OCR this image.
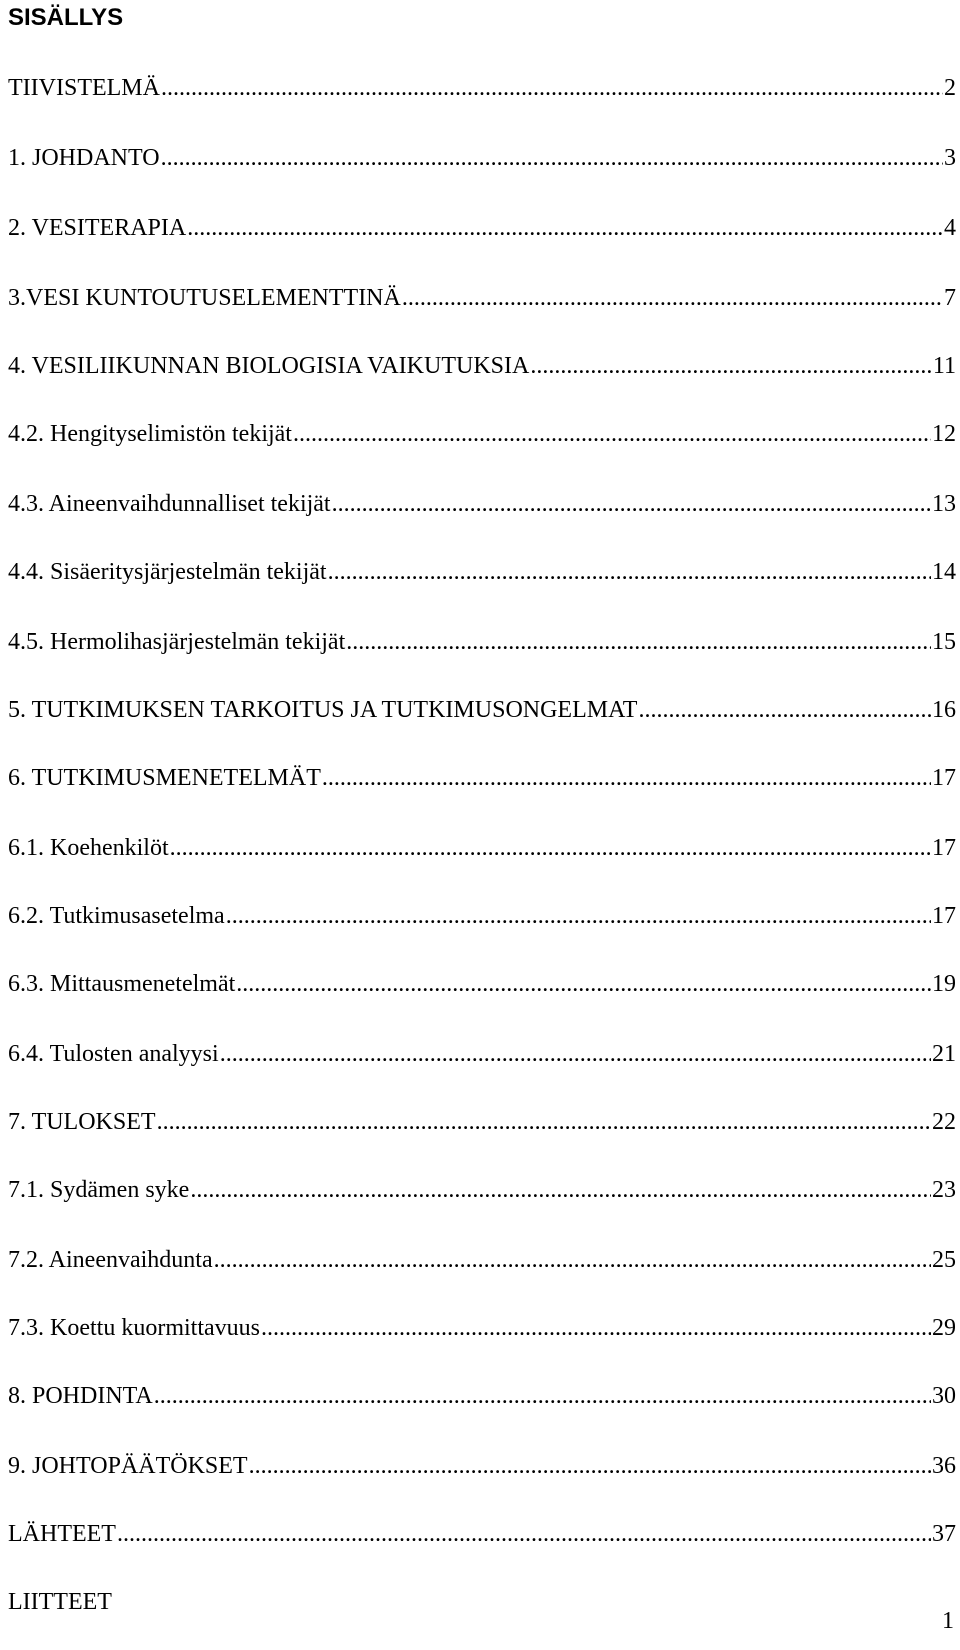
SISÄLLYS
TIIVISTELMÄ .....	2
1. JOHDANTO .....	3
2. VESITERAPIA .....	4
3.VESI KUNTOUTUSELEMENTTINÄ .....	7
4. VESILIIKUNNAN BIOLOGISIA VAIKUTUKSIA .....	11
4.2. Hengityselimistön tekijät .....	12
4.3. Aineenvaihdunnalliset tekijät .....	13
4.4. Sisäeritysjärjestelmän tekijät .....	14
4.5. Hermolihasjärjestelmän tekijät .....	15
5. TUTKIMUKSEN TARKOITUS JA TUTKIMUSONGELMAT .....	16
6. TUTKIMUSMENETELMÄT .....	17
6.1. Koehenkilöt .....	17
6.2. Tutkimusasetelma .....	17
6.3. Mittausmenetelmät .....	19
6.4. Tulosten analyysi .....	21
7. TULOKSET .....	22
7.1. Sydämen syke .....	23
7.2. Aineenvaihdunta .....	25
7.3. Koettu kuormittavuus .....	29
8. POHDINTA .....	30
9. JOHTOPÄÄTÖKSET .....	36
LÄHTEET .....	37
LIITTEET
1
